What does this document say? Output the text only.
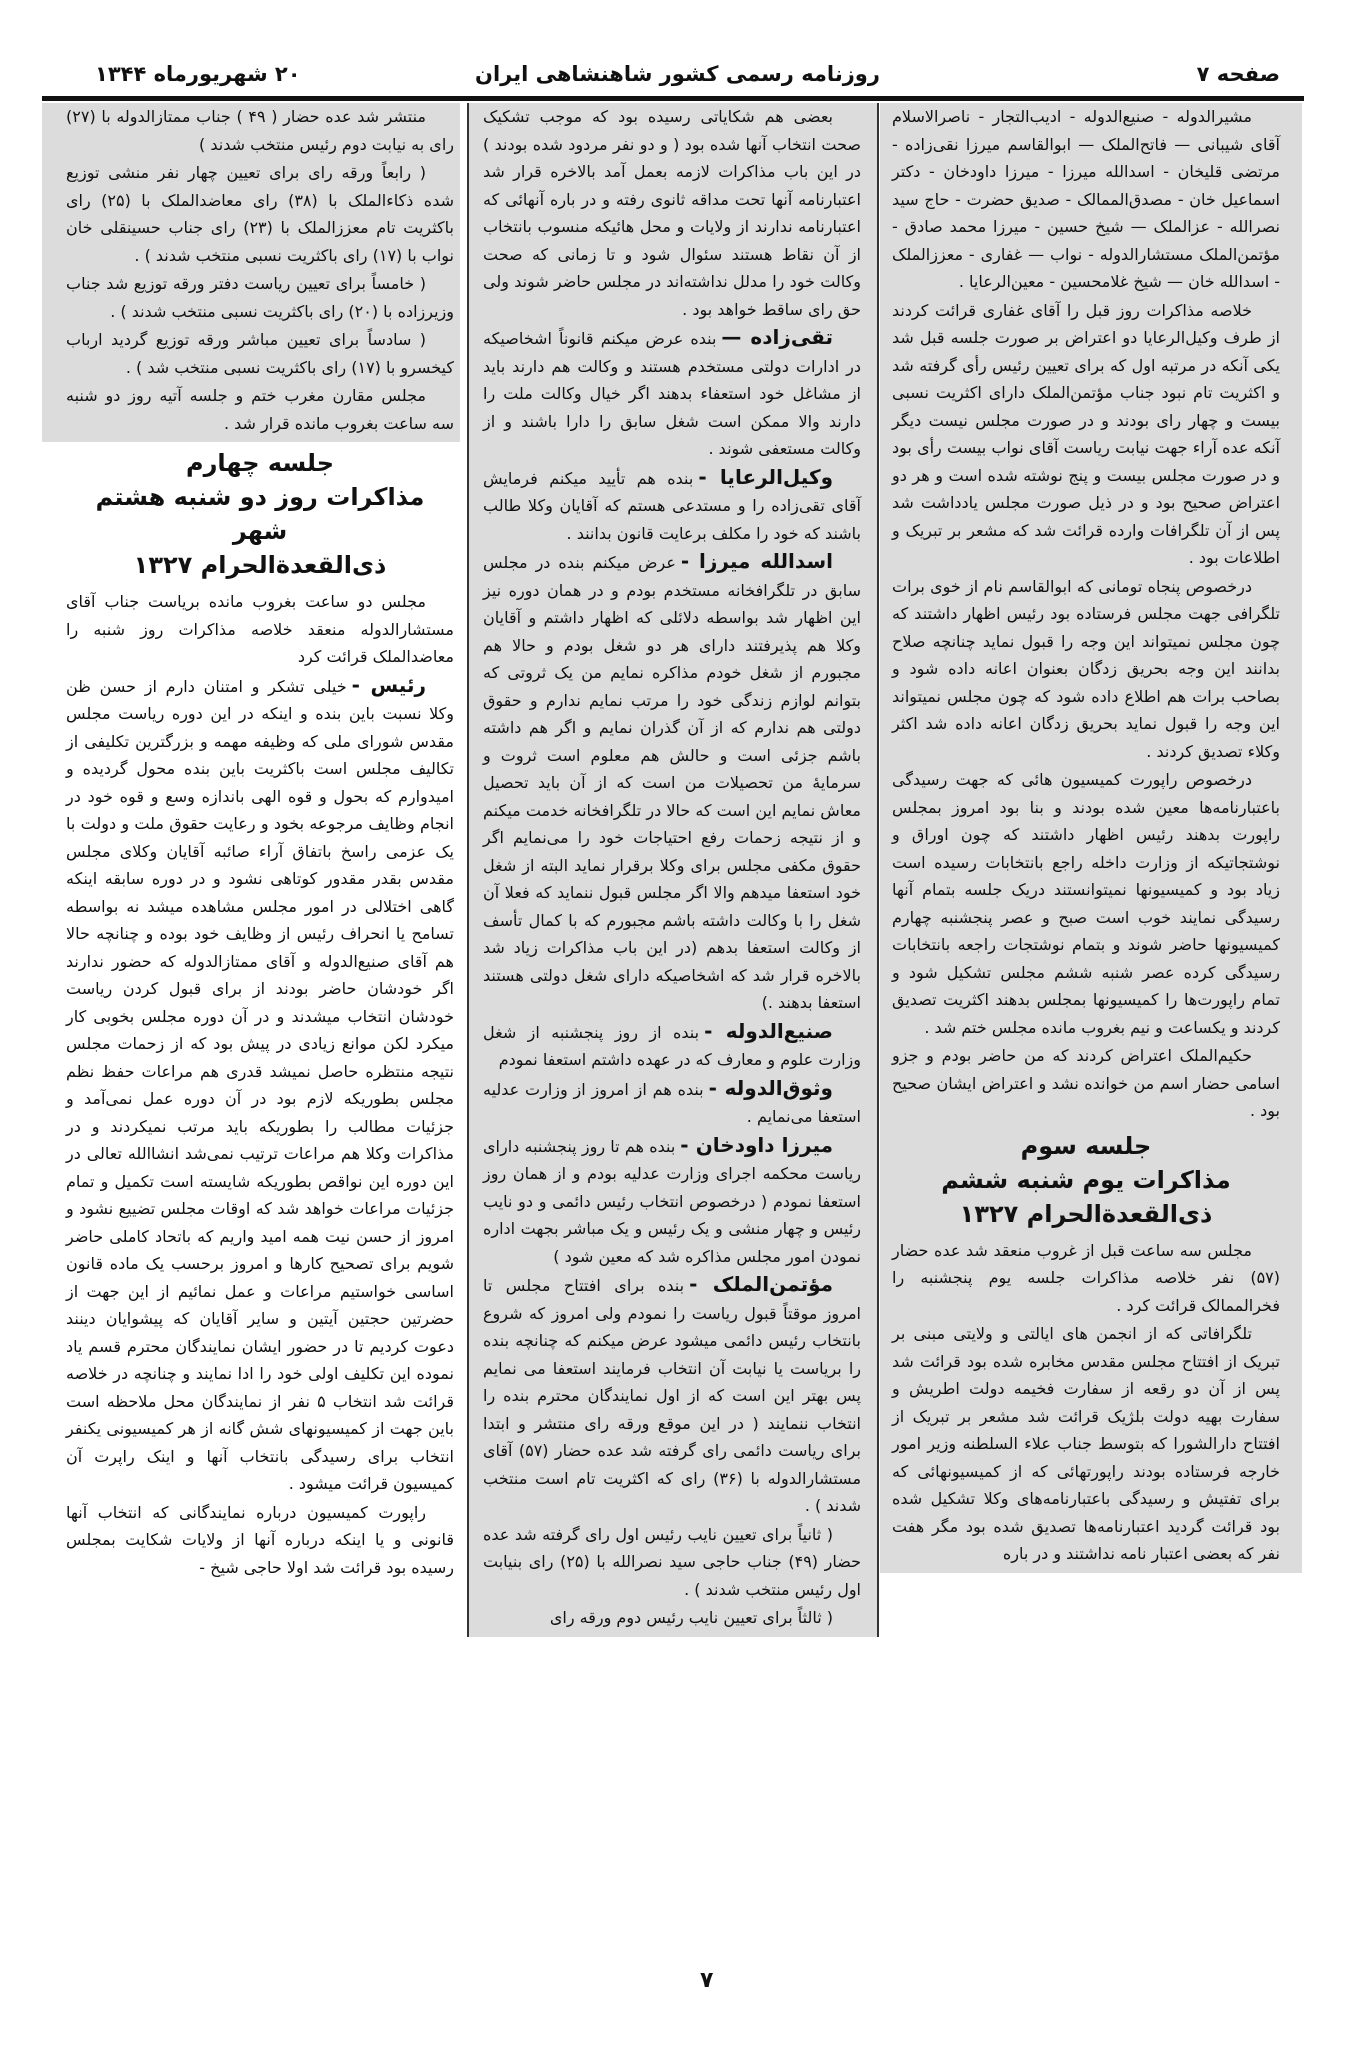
صفحه ۷
روزنامه رسمی کشور شاهنشاهی ایران
۲۰ شهریورماه ۱۳۴۴

مشیرالدوله - صنیع‌الدوله - ادیب‌التجار - ناصرالاسلام آقای شیبانی — فاتح‌الملک — ابوالقاسم میرزا نقی‌زاده - مرتضی قلیخان - اسدالله میرزا - میرزا داودخان - دکتر اسماعیل خان - مصدق‌الممالک - صدیق حضرت - حاج سید نصرالله - عزالملک — شیخ حسین - میرزا محمد صادق - مؤتمن‌الملک مستشارالدوله - نواب — غفاری - معززالملک - اسدالله خان — شیخ غلامحسین - معین‌الرعایا .

خلاصه مذاکرات روز قبل را آقای غفاری قرائت کردند از طرف وکیل‌الرعایا دو اعتراض بر صورت جلسه قبل شد یکی آنکه در مرتبه اول که برای تعیین رئیس رأی گرفته شد و اکثریت تام نبود جناب مؤتمن‌الملک دارای اکثریت نسبی بیست و چهار رای بودند و در صورت مجلس نیست دیگر آنکه عده آراء جهت نیابت ریاست آقای نواب بیست رأی بود و در صورت مجلس بیست و پنج نوشته شده است و هر دو اعتراض صحیح بود و در ذیل صورت مجلس یادداشت شد پس از آن تلگرافات وارده قرائت شد که مشعر بر تبریک و اطلاعات بود .

درخصوص پنجاه تومانی که ابوالقاسم نام از خوی برات تلگرافی جهت مجلس فرستاده بود رئیس اظهار داشتند که چون مجلس نمیتواند این وجه را قبول نماید چنانچه صلاح بدانند این وجه بحریق زدگان بعنوان اعانه داده شود و بصاحب برات هم اطلاع داده شود که چون مجلس نمیتواند این وجه را قبول نماید بحریق زدگان اعانه داده شد اکثر وکلاء تصدیق کردند .

درخصوص راپورت کمیسیون هائی که جهت رسیدگی باعتبارنامه‌ها معین شده بودند و بنا بود امروز بمجلس راپورت بدهند رئیس اظهار داشتند که چون اوراق و نوشتجاتیکه از وزارت داخله راجع بانتخابات رسیده است زیاد بود و کمیسیونها نمیتوانستند دریک جلسه بتمام آنها رسیدگی نمایند خوب است صبح و عصر پنجشنبه چهارم کمیسیونها حاضر شوند و بتمام نوشتجات راجعه بانتخابات رسیدگی کرده عصر شنبه ششم مجلس تشکیل شود و تمام راپورت‌ها را کمیسیونها بمجلس بدهند اکثریت تصدیق کردند و یکساعت و نیم بغروب مانده مجلس ختم شد .

حکیم‌الملک اعتراض کردند که من حاضر بودم و جزو اسامی حضار اسم من خوانده نشد و اعتراض ایشان صحیح بود .

جلسه سوم
مذاکرات یوم شنبه ششم
ذی‌القعدة‌الحرام ۱۳۲۷

مجلس سه ساعت قبل از غروب منعقد شد عده حضار (۵۷) نفر خلاصه مذاکرات جلسه یوم پنجشنبه را فخرالممالک قرائت کرد .

تلگرافاتی که از انجمن های ایالتی و ولایتی مبنی بر تبریک از افتتاح مجلس مقدس مخابره شده بود قرائت شد پس از آن دو رقعه از سفارت فخیمه دولت اطریش و سفارت بهیه دولت بلژیک قرائت شد مشعر بر تبریک از افتتاح دارالشورا که بتوسط جناب علاء السلطنه وزیر امور خارجه فرستاده بودند راپورتهائی که از کمیسیونهائی که برای تفتیش و رسیدگی باعتبارنامه‌های وکلا تشکیل شده بود قرائت گردید اعتبارنامه‌ها تصدیق شده بود مگر هفت نفر که بعضی اعتبار نامه نداشتند و در باره

بعضی هم شکایاتی رسیده بود که موجب تشکیک صحت انتخاب آنها شده بود ( و دو نفر مردود شده بودند ) در این باب مذاکرات لازمه بعمل آمد بالاخره قرار شد اعتبارنامه آنها تحت مداقه ثانوی رفته و در باره آنهائی که اعتبارنامه ندارند از ولایات و محل هائیکه منسوب بانتخاب از آن نقاط هستند سئوال شود و تا زمانی که صحت وکالت خود را مدلل نداشته‌اند در مجلس حاضر شوند ولی حق رای ساقط خواهد بود .

تقی‌زاده —بنده عرض میکنم قانوناً اشخاصیکه در ادارات دولتی مستخدم هستند و وکالت هم دارند باید از مشاغل خود استعفاء بدهند اگر خیال وکالت ملت را دارند والا ممکن است شغل سابق را دارا باشند و از وکالت مستعفی شوند .

وکیل‌الرعایا -بنده هم تأیید میکنم فرمایش آقای تقی‌زاده را و مستدعی هستم که آقایان وکلا طالب باشند که خود را مکلف برعایت قانون بدانند .

اسدالله میرزا -عرض میکنم بنده در مجلس سابق در تلگرافخانه مستخدم بودم و در همان دوره نیز این اظهار شد بواسطه دلائلی که اظهار داشتم و آقایان وکلا هم پذیرفتند دارای هر دو شغل بودم و حالا هم مجبورم از شغل خودم مذاکره نمایم من یک ثروتی که بتوانم لوازم زندگی خود را مرتب نمایم ندارم و حقوق دولتی هم ندارم که از آن گذران نمایم و اگر هم داشته باشم جزئی است و حالش هم معلوم است ثروت و سرمایهٔ من تحصیلات من است که از آن باید تحصیل معاش نمایم این است که حالا در تلگرافخانه خدمت میکنم و از نتیجه زحمات رفع احتیاجات خود را می‌نمایم اگر حقوق مکفی مجلس برای وکلا برقرار نماید البته از شغل خود استعفا میدهم والا اگر مجلس قبول ننماید که فعلا آن شغل را با وکالت داشته باشم مجبورم که با کمال تأسف از وکالت استعفا بدهم (در این باب مذاکرات زیاد شد بالاخره قرار شد که اشخاصیکه دارای شغل دولتی هستند استعفا بدهند .)

صنیع‌الدوله -بنده از روز پنجشنبه از شغل وزارت علوم و معارف که در عهده داشتم استعفا نمودم

وثوق‌الدوله -بنده هم از امروز از وزارت عدلیه استعفا می‌نمایم .

میرزا داودخان -بنده هم تا روز پنجشنبه دارای ریاست محکمه اجرای وزارت عدلیه بودم و از همان روز استعفا نمودم ( درخصوص انتخاب رئیس دائمی و دو نایب رئیس و چهار منشی و یک رئیس و یک مباشر بجهت اداره نمودن امور مجلس مذاکره شد که معین شود )

مؤتمن‌الملک -بنده برای افتتاح مجلس تا امروز موقتاً قبول ریاست را نمودم ولی امروز که شروع بانتخاب رئیس دائمی میشود عرض میکنم که چنانچه بنده را بریاست یا نیابت آن انتخاب فرمایند استعفا می نمایم پس بهتر این است که از اول نمایندگان محترم بنده را انتخاب ننمایند ( در این موقع ورقه رای منتشر و ابتدا برای ریاست دائمی رای گرفته شد عده حضار (۵۷) آقای مستشارالدوله با (۳۶) رای که اکثریت تام است منتخب شدند ) .

( ثانیاً برای تعیین نایب رئیس اول رای گرفته شد عده حضار (۴۹) جناب حاجی سید نصرالله با (۲۵) رای بنیابت اول رئیس منتخب شدند ) .

( ثالثاً برای تعیین نایب رئیس دوم ورقه رای

منتشر شد عده حضار ( ۴۹ ) جناب ممتازالدوله با (۲۷) رای به نیابت دوم رئیس منتخب شدند )

( رابعاً ورقه رای برای تعیین چهار نفر منشی توزیع شده ذکاءالملک با (۳۸) رای معاضدالملک با (۲۵) رای باکثریت تام معززالملک با (۲۳) رای جناب حسینقلی خان نواب با (۱۷) رای باکثریت نسبی منتخب شدند ) .

( خامساً برای تعیین ریاست دفتر ورقه توزیع شد جناب وزیرزاده با (۲۰) رای باکثریت نسبی منتخب شدند ) .

( سادساً برای تعیین مباشر ورقه توزیع گردید ارباب کیخسرو با (۱۷) رای باکثریت نسبی منتخب شد ) .

مجلس مقارن مغرب ختم و جلسه آتیه روز دو شنبه سه ساعت بغروب مانده قرار شد .

جلسه چهارم
مذاکرات روز دو شنبه هشتم شهر
ذی‌القعدة‌الحرام ۱۳۲۷

مجلس دو ساعت بغروب مانده بریاست جناب آقای مستشارالدوله منعقد خلاصه مذاکرات روز شنبه را معاضدالملک قرائت کرد

رئیس -خیلی تشکر و امتنان دارم از حسن ظن وکلا نسبت باین بنده و اینکه در این دوره ریاست مجلس مقدس شورای ملی که وظیفه مهمه و بزرگترین تکلیفی از تکالیف مجلس است باکثریت باین بنده محول گردیده و امیدوارم که بحول و قوه الهی باندازه وسع و قوه خود در انجام وظایف مرجوعه بخود و رعایت حقوق ملت و دولت با یک عزمی راسخ باتفاق آراء صائبه آقایان وکلای مجلس مقدس بقدر مقدور کوتاهی نشود و در دوره سابقه اینکه گاهی اختلالی در امور مجلس مشاهده میشد نه بواسطه تسامح یا انحراف رئیس از وظایف خود بوده و چنانچه حالا هم آقای صنیع‌الدوله و آقای ممتازالدوله که حضور ندارند اگر خودشان حاضر بودند از برای قبول کردن ریاست خودشان انتخاب میشدند و در آن دوره مجلس بخوبی کار میکرد لکن موانع زیادی در پیش بود که از زحمات مجلس نتیجه منتظره حاصل نمیشد قدری هم مراعات حفظ نظم مجلس بطوریکه لازم بود در آن دوره عمل نمی‌آمد و جزئیات مطالب را بطوریکه باید مرتب نمیکردند و در مذاکرات وکلا هم مراعات ترتیب نمی‌شد انشاالله تعالی در این دوره این نواقص بطوریکه شایسته است تکمیل و تمام جزئیات مراعات خواهد شد که اوقات مجلس تضییع نشود و امروز از حسن نیت همه امید واریم که باتحاد کاملی حاضر شویم برای تصحیح کارها و امروز برحسب یک ماده قانون اساسی خواستیم مراعات و عمل نمائیم از این جهت از حضرتین حجتین آیتین و سایر آقایان که پیشوایان دینند دعوت کردیم تا در حضور ایشان نمایندگان محترم قسم یاد نموده این تکلیف اولی خود را ادا نمایند و چنانچه در خلاصه قرائت شد انتخاب ۵ نفر از نمایندگان محل ملاحظه است باین جهت از کمیسیونهای شش گانه از هر کمیسیونی یکنفر انتخاب برای رسیدگی بانتخاب آنها و اینک راپرت آن کمیسیون قرائت میشود .

راپورت کمیسیون درباره نمایندگانی که انتخاب آنها قانونی و یا اینکه درباره آنها از ولایات شکایت بمجلس رسیده بود قرائت شد اولا حاجی شیخ -

۷
